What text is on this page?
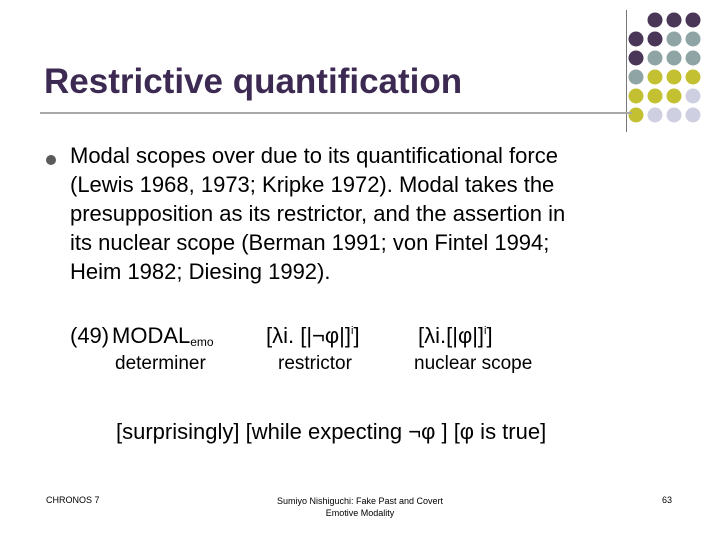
Restrictive quantification
Modal scopes over due to its quantificational force
(Lewis 1968, 1973; Kripke 1972). Modal takes the
presupposition as its restrictor, and the assertion in
its nuclear scope (Berman 1991; von Fintel 1994;
Heim 1982; Diesing 1992).
(49) $MODAL_{emo}$ [λi. [|¬φ|]$^i$]	$[\lambda i.[|\varphi|]^i]$
determiner	restrictor	nuclear scope
[surprisingly] [while expecting ¬φ ] [φ is true]
CHRONOS 7	Sumiyo Nishiguchi: Fake Past and Covert
Emotive Modality
63
